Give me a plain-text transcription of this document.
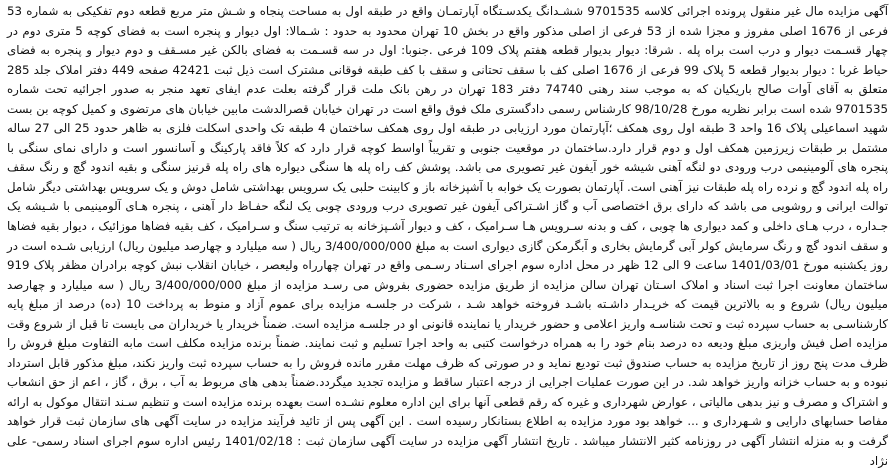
آگهی مزایده مال غیر منقول پرونده اجرائی کلاسه 9701535 ششـدانگ یکدسـتگاه آپارتمـان واقع در طبقه اول به مساحت پنجاه و شـش متر مربع قطعه دوم تفکیکی به شماره 53 فرعی از 1676 اصلی مفروز و مجزا شده از 53 فرعی از اصلی مذکور واقع در بخش 10 تهران محدود به حدود : شـمالا: اول دیوار و پنجره است به فضای کوچه 5 متری دوم در چهار قسـمت دیوار و درب است براه پله . شرقا: دیوار بدیوار قطعه هفتم پلاک 109 فرعی .جنوبا: اول در سه قسـمت به فضای بالکن غیر مسـقف و دوم دیوار و پنجره به فضای حیاط غربا : دیوار بدیوار قطعه 5 پلاک 99 فرعی از 1676 اصلی کف با سقف تحتانی و سقف با کف طبقه فوقانی مشترک است ذیل ثبت 42421 صفحه 449 دفتر املاک جلد 285 متعلق به آقای آوات صالح باریکیان که به موجب سند رهنی 74740 دفتر 183 تهران در رهن بانک ملت قرار گرفته بعلت عدم ایفای تعهد منجر به صدور اجرائیه تحت شماره 9701535 شده است برابر نظریه مورخ 98/10/28 کارشناس رسمی دادگستری ملک فوق واقع است در تهران خیابان قصرالدشت مابین خیابان های مرتضوی و کمیل کوچه بن بست شهید اسماعیلی پلاک 16 واحد 3 طبقه اول روی همکف ؛آپارتمان مورد ارزیابی در طبقه اول روی همکف ساختمان 4 طبقه تک واحدی اسکلت فلزی به ظاهر حدود 25 الی 27 ساله مشتمل بر طبقات زیرزمین همکف اول و دوم قرار دارد.ساختمان در موقعیت جنوبی و تقریباً اواسط کوچه قرار دارد که کلاً فاقد پارکینگ و آسانسور است و دارای نمای سنگی با پنجره های آلومینیمی درب ورودی دو لنگه آهنی شیشه خور آیفون غیر تصویری می باشد. پوشش کف راه پله ها سنگی دیواره های راه پله قرنیز سنگی و بقیه اندود گچ و رنگ سقف راه پله اندود گچ و نرده راه پله طبقات نیز آهنی است. آپارتمان بصورت یک خوابه با آشپزخانه باز و کابینت حلبی یک سرویس بهداشتی شامل دوش و یک سرویس بهداشتی دیگر شامل توالت ایرانی و روشویی می باشد که دارای برق اختصاصی آب و گاز اشـتراکی آیفون غیر تصویری درب ورودی چوبی یک لنگه حفـاظ دار آهنی ، پنجره هـای آلومینیمی با شـیشه یک جـداره ، درب هـای داخلی و کمد دیواری ها چوبی ، کف و بدنه سـرویس هـا سـرامیک ، کف و دیوار آشـپزخانه به ترتیب سنگ و سـرامیک ، کف بقیه فضاها موزائیک ، دیوار بقیه فضاها و سقف اندود گچ و رنگ سرمایش کولر آبی گرمایش بخاری و آبگرمکن گازی دیواری است به مبلغ 3/400/000/000 ریال ( سه میلیارد و چهارصد میلیون ریال) ارزیابی شـده است در روز یکشنبه مورخ 1401/03/01 ساعت 9 الی 12 ظهر در محل اداره سوم اجرای اسـناد رسـمی واقع در تهران چهارراه ولیعصر ، خیابان انقلاب نبش کوچه برادران مظفر پلاک 919 ساختمان معاونت اجرا ثبت اسناد و املاک اسـتان تهران سالن مزایده از طریق مزایده حضوری بفروش می رسـد مزایده از مبلغ 3/400/000/000 ریال ( سه میلیارد و چهارصد میلیون ریال) شروع و به بالاترین قیمت که خریـدار داشـته باشـد فروخته خواهد شـد ، شرکت در جلسـه مزایده برای عموم آزاد و منوط به پرداخت 10 (ده) درصد از مبلغ پایه کارشناسـی به حساب سپرده ثبت و تحت شناسـه واریز اعلامی و حضور خریدار یا نماینده قانونی او در جلسـه مزایده است. ضمناً خریدار یا خریداران می بایست تا قبل از شروع وقت مزایده اصل فیش واریزی مبلغ ودیعه ده درصد بنام خود را به همراه درخواست کتبی به واحد اجرا تسلیم و ثبت نمایند. ضمناً برنده مزایده مکلف است مابه التفاوت مبلغ فروش را ظرف مدت پنج روز از تاریخ مزایده به حساب صندوق ثبت توديع نمايد و در صورتی که ظرف مهلت مقرر مانده فروش را به حساب سپرده ثبت واریز نکند، مبلغ مذکور قابل استرداد نبوده و به حساب خزانه واریز خواهد شد. در این صورت عملیات اجرایی از درجه اعتبار ساقط و مزایده تجدید میگردد.ضمناً بدهی های مربوط به آب ، برق ، گاز ، اعم از حق انشعاب و اشتراک و مصرف و نیز بدهی مالیاتی ، عوارض شهرداری و غیره که رقم قطعی آنها برای این اداره معلوم نشـده است بعهده برنده مزایده است و تنظیم سـند انتقال موکول به ارائه مفاصا حسابهای دارایی و شـهرداری و ... خواهد بود مورد مزایده به اطلاع بستانکار رسیده است . این آگهی پس از تائید فرآیند مزایده در سایت آگهی های سازمان ثبت قرار خواهد گرفت و به منزله انتشار آگهی در روزنامه کثیر الانتشار میباشد . تاریخ انتشار آگهی مزایده در سایت آگهی سازمان ثبت : 1401/02/18 رئیس اداره سوم اجرای اسناد رسمی- علی نژاد
